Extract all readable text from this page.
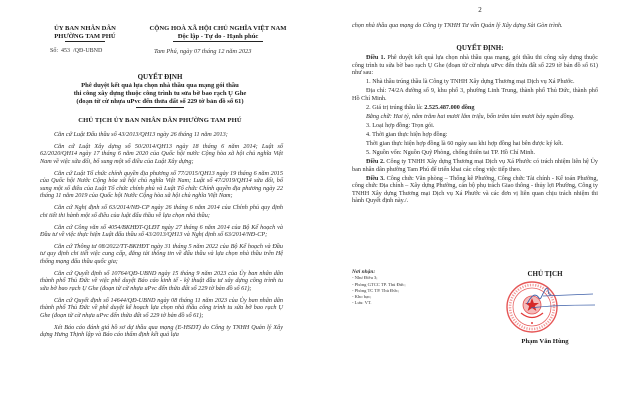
ỦY BAN NHÂN DÂN
PHƯỜNG TAM PHÚ
CỘNG HOÀ XÃ HỘI CHỦ NGHĨA VIỆT NAM
Độc lập - Tự do - Hạnh phúc
Số: 453 /QĐ-UBND	Tam Phú, ngày 07 tháng 12 năm 2023
QUYẾT ĐỊNH
Phê duyệt kết quả lựa chọn nhà thầu qua mạng gói thầu
thi công xây dựng thuộc công trình tu sửa bờ bao rạch Ụ Ghe
(đoạn từ cừ nhựa uPvc đến thửa đất số 229 tờ bản đồ số 61)
CHỦ TỊCH ỦY BAN NHÂN DÂN PHƯỜNG TAM PHÚ

Căn cứ Luật Đấu thầu số 43/2013/QH13 ngày 26 tháng 11 năm 2013;

Căn cứ Luật Xây dựng số 50/2014/QH13 ngày 18 tháng 6 năm 2014; Luật số 62/2020/QH14 ngày 17 tháng 6 năm 2020 của Quốc hội nước Cộng hòa xã hội chủ nghĩa Việt Nam về việc sửa đổi, bổ sung một số điều của Luật Xây dựng;

Căn cứ Luật Tổ chức chính quyền địa phương số 77/2015/QH13 ngày 19 tháng 6 năm 2015 của Quốc hội Nước Cộng hòa xã hội chủ nghĩa Việt Nam; Luật số 47/2019/QH14 sửa đổi, bổ sung một số điều của Luật Tổ chức chính phủ và Luật Tổ chức Chính quyền địa phương ngày 22 tháng 11 năm 2019 của Quốc hội Nước Cộng hòa xã hội chủ nghĩa Việt Nam;

Căn cứ Nghị định số 63/2014/NĐ-CP ngày 26 tháng 6 năm 2014 của Chính phủ quy định chi tiết thi hành một số điều của luật đấu thầu về lựa chọn nhà thầu;

Căn cứ Công văn số 4054/BKHĐT-QLĐT ngày 27 tháng 6 năm 2014 của Bộ Kế hoạch và Đầu tư về việc thực hiện Luật đấu thầu số 43/2013/QH13 và Nghị định số 63/2014/NĐ-CP;

Căn cứ Thông tư 08/2022/TT-BKHĐT ngày 31 tháng 5 năm 2022 của Bộ Kế hoạch và Đầu tư quy định chi tiết việc cung cấp, đăng tải thông tin về đấu thầu và lựa chọn nhà thầu trên Hệ thống mạng đấu thầu quốc gia;

Căn cứ Quyết định số 10764/QĐ-UBND ngày 15 tháng 9 năm 2023 của Ủy ban nhân dân thành phố Thủ Đức về việc phê duyệt Báo cáo kinh tế - kỹ thuật đầu tư xây dựng công trình tu sửa bờ bao rạch Ụ Ghe (đoạn từ cừ nhựa uPvc đến thửa đất số 229 tờ bản đồ số 61);

Căn cứ Quyết định số 14644/QĐ-UBND ngày 08 tháng 11 năm 2023 của Ủy ban nhân dân thành phố Thủ Đức về phê duyệt kế hoạch lựa chọn nhà thầu công trình tu sửa bờ bao rạch Ụ Ghe (đoạn từ cừ nhựa uPvc đến thửa đất số 229 tờ bản đồ số 61);

Xét Báo cáo đánh giá hồ sơ dự thầu qua mạng (E-HSDT) do Công ty TNHH Quản lý Xây dựng Hưng Thịnh lập và Báo cáo thẩm định kết quả lựa

2
chọn nhà thầu qua mạng do Công ty TNHH Tư vấn Quản lý Xây dựng Sài Gòn trình.
QUYẾT ĐỊNH:

Điều 1. Phê duyệt kết quả lựa chọn nhà thầu qua mạng, gói thầu thi công xây dựng thuộc công trình tu sửa bờ bao rạch Ụ Ghe (đoạn từ cừ nhựa uPvc đến thửa đất số 229 tờ bản đồ số 61) như sau:

1. Nhà thầu trúng thầu là Công ty TNHH Xây dựng Thương mại Dịch vụ Xá Phước.

Địa chỉ: 74/2A đường số 9, khu phố 3, phường Linh Trung, thành phố Thủ Đức, thành phố Hồ Chí Minh.

2. Giá trị trúng thầu là: 2.525.487.000 đồng

Bằng chữ: Hai tỷ, năm trăm hai mươi lăm triệu, bốn trăm tám mươi bảy ngàn đồng.

3. Loại hợp đồng: Trọn gói.

4. Thời gian thực hiện hợp đồng:

Thời gian thực hiện hợp đồng là 60 ngày sau khi hợp đồng hai bên được ký kết.

5. Nguồn vốn: Nguồn Quỹ Phòng, chống thiên tai TP. Hồ Chí Minh.

Điều 2. Công ty TNHH Xây dựng Thương mại Dịch vụ Xá Phước có trách nhiệm liên hệ Ủy ban nhân dân phường Tam Phú để triển khai các công việc tiếp theo.

Điều 3. Công chức Văn phòng – Thống kê Phường, Công chức Tài chính - Kế toán Phường, công chức Địa chính – Xây dựng Phường, cán bộ phụ trách Giao thông - thủy lợi Phường, Công ty TNHH Xây dựng Thương mại Dịch vụ Xá Phước và các đơn vị liên quan chịu trách nhiệm thi hành Quyết định này./.

Nơi nhận:
- Như Điều 3;
- Phòng GTCC TP. Thủ Đức;
- Phòng TC TP. Thủ Đức;
- Kho bạc;
- Lưu: VT.
CHỦ TỊCH
Phạm Văn Hùng
